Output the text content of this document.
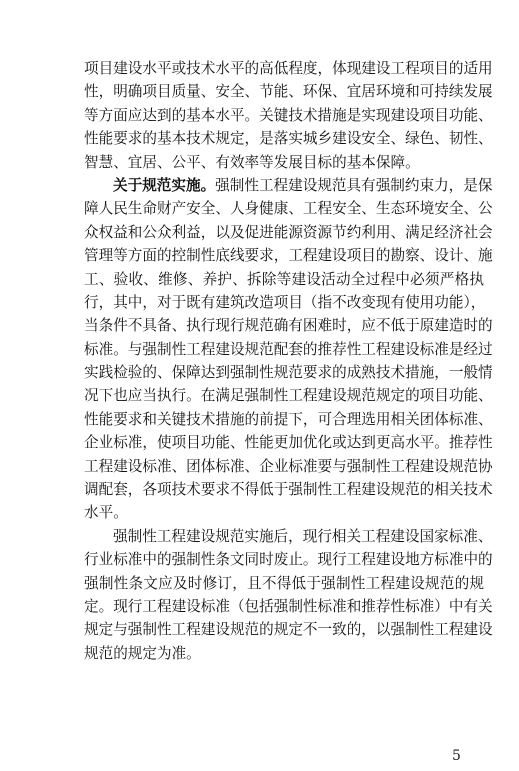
项目建设水平或技术水平的高低程度，体现建设工程项目的适用
性，明确项目质量、安全、节能、环保、宜居环境和可持续发展
等方面应达到的基本水平。关键技术措施是实现建设项目功能、
性能要求的基本技术规定，是落实城乡建设安全、绿色、韧性、
智慧、宜居、公平、有效率等发展目标的基本保障。
关于规范实施。强制性工程建设规范具有强制约束力，是保
障人民生命财产安全、人身健康、工程安全、生态环境安全、公
众权益和公众利益，以及促进能源资源节约利用、满足经济社会
管理等方面的控制性底线要求，工程建设项目的勘察、设计、施
工、验收、维修、养护、拆除等建设活动全过程中必须严格执
行，其中，对于既有建筑改造项目（指不改变现有使用功能），
当条件不具备、执行现行规范确有困难时，应不低于原建造时的
标准。与强制性工程建设规范配套的推荐性工程建设标准是经过
实践检验的、保障达到强制性规范要求的成熟技术措施，一般情
况下也应当执行。在满足强制性工程建设规范规定的项目功能、
性能要求和关键技术措施的前提下，可合理选用相关团体标准、
企业标准，使项目功能、性能更加优化或达到更高水平。推荐性
工程建设标准、团体标准、企业标准要与强制性工程建设规范协
调配套，各项技术要求不得低于强制性工程建设规范的相关技术
水平。
强制性工程建设规范实施后，现行相关工程建设国家标准、
行业标准中的强制性条文同时废止。现行工程建设地方标准中的
强制性条文应及时修订，且不得低于强制性工程建设规范的规
定。现行工程建设标准（包括强制性标准和推荐性标准）中有关
规定与强制性工程建设规范的规定不一致的，以强制性工程建设
规范的规定为准。
5
